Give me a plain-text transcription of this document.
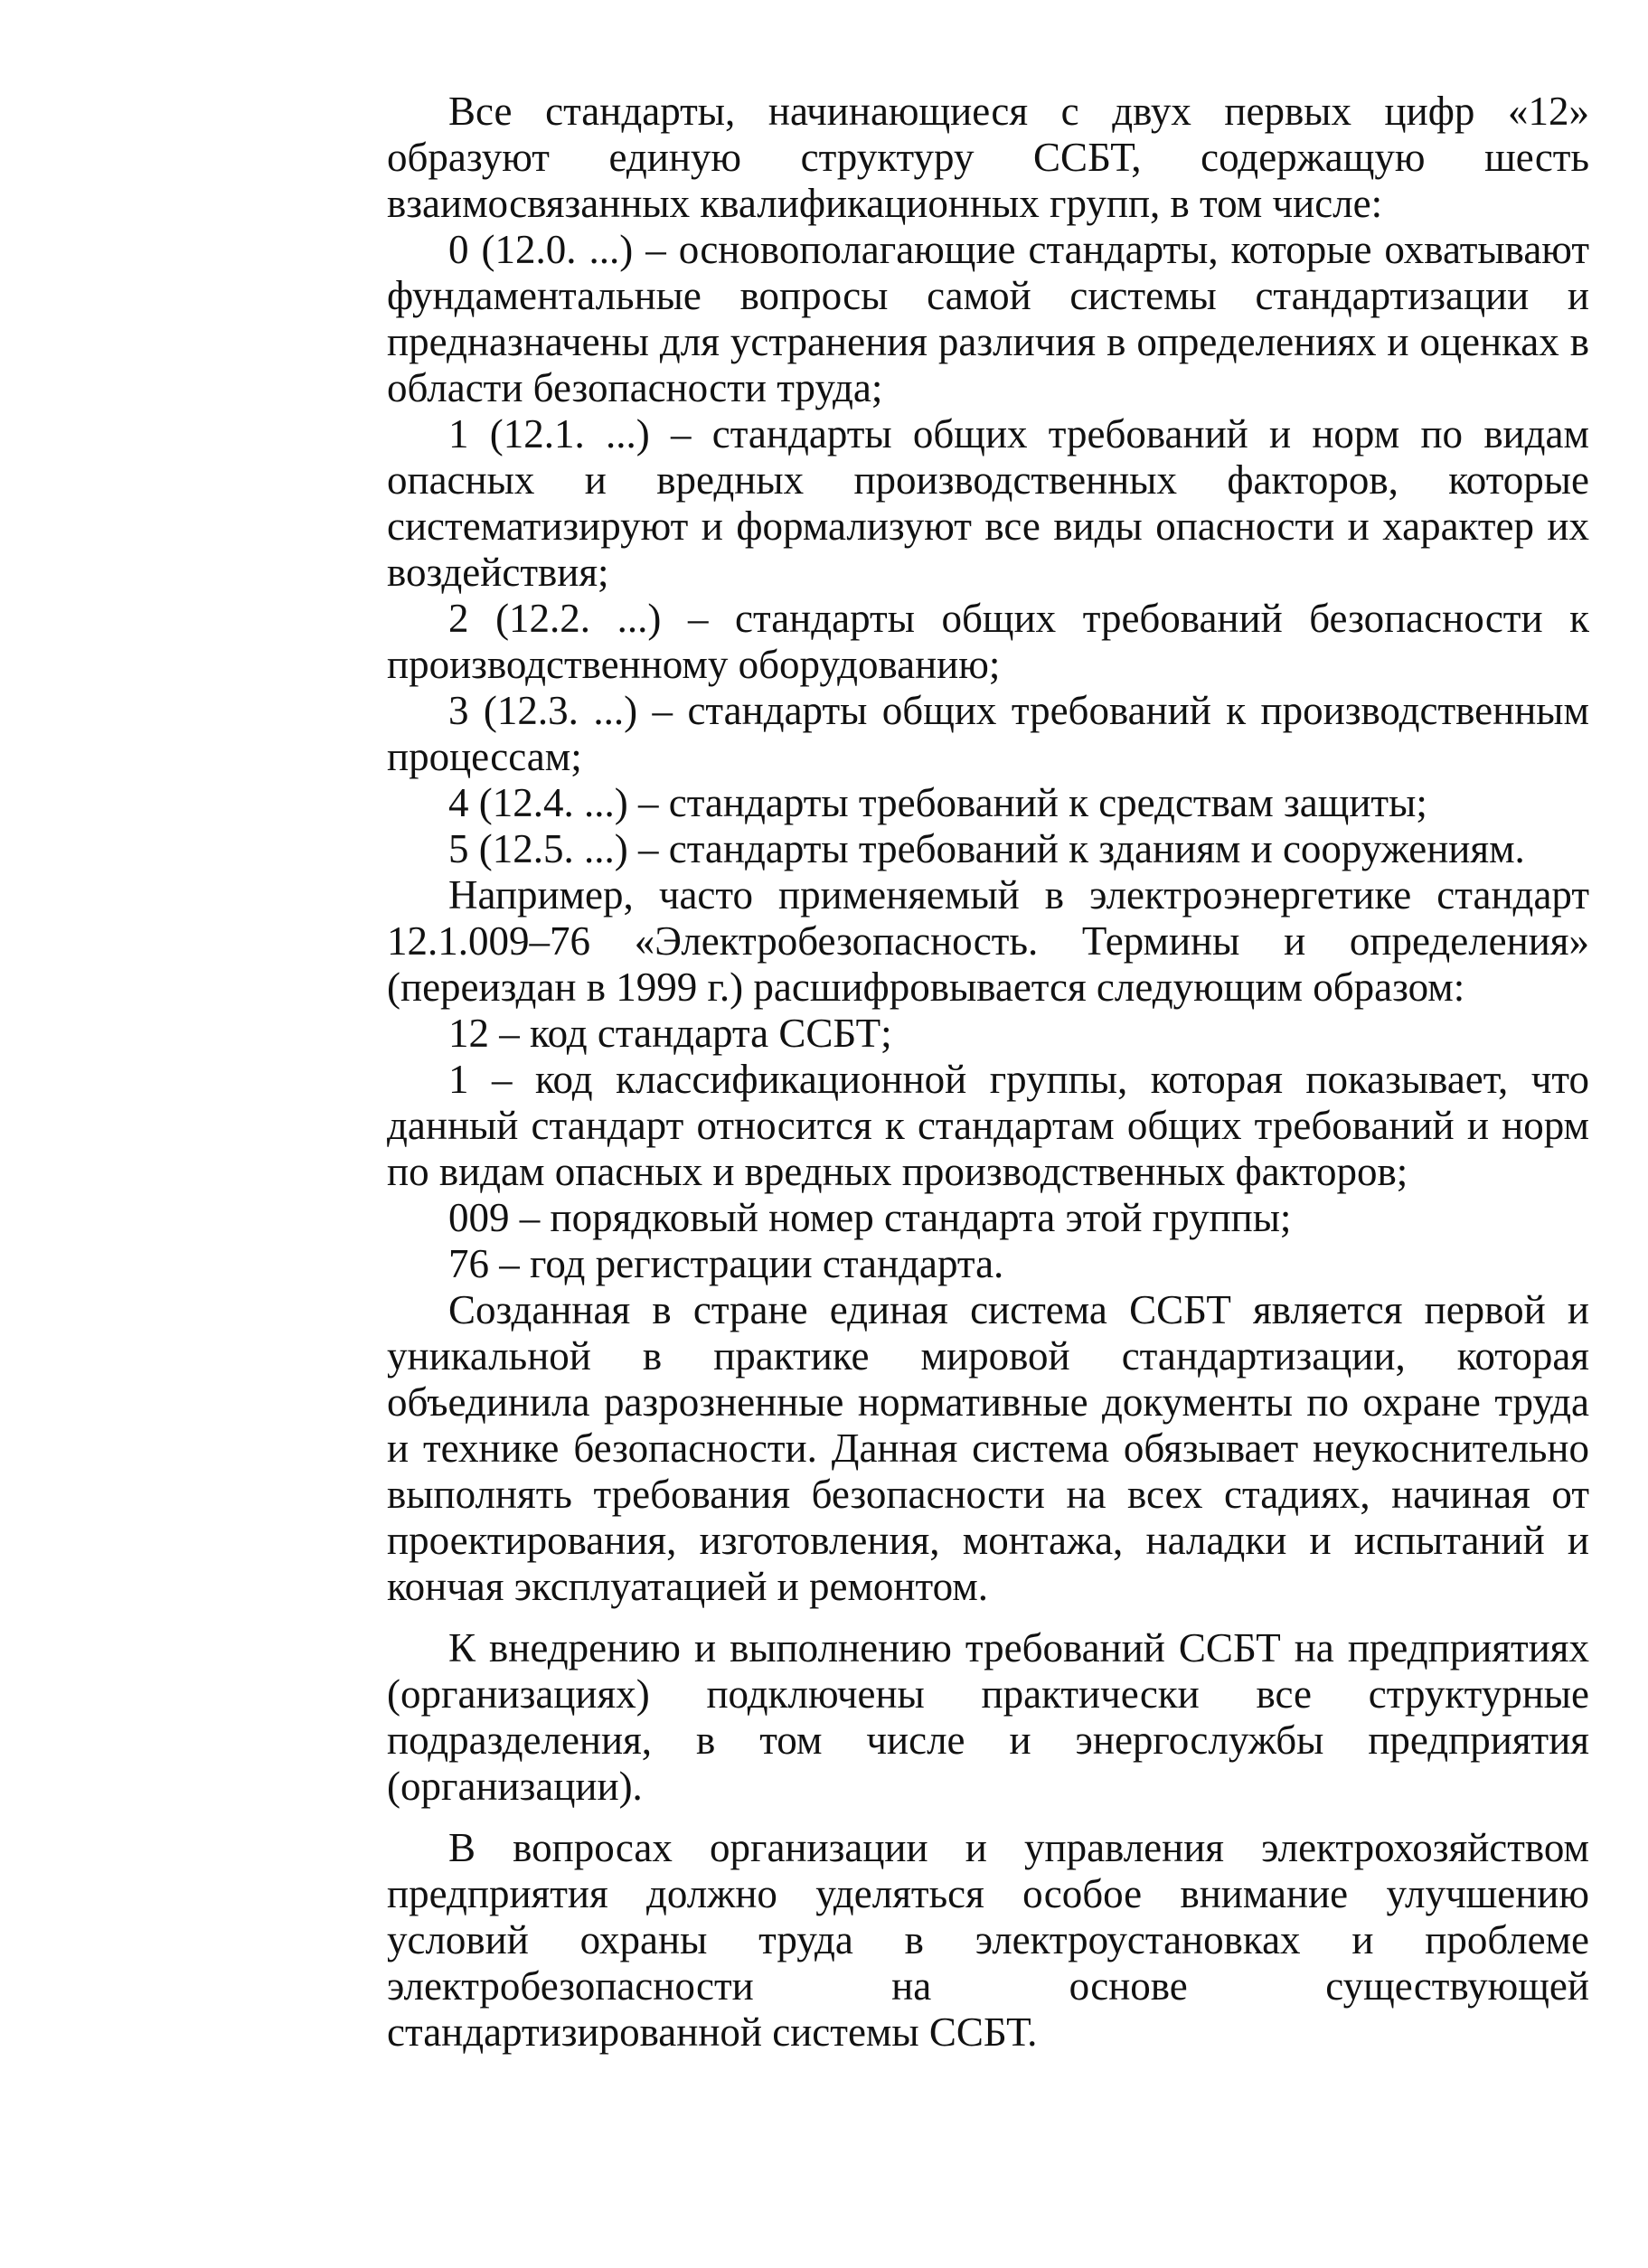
Все стандарты, начинающиеся с двух первых цифр «12» образуют единую структуру ССБТ, содержащую шесть взаимосвязанных квалификационных групп, в том числе:

0 (12.0. ...) – основополагающие стандарты, которые охватывают фундаментальные вопросы самой системы стандартизации и предназначены для устранения различия в определениях и оценках в области безопасности труда;

1 (12.1. ...) – стандарты общих требований и норм по видам опасных и вредных производственных факторов, которые систематизируют и формализуют все виды опасности и характер их воздействия;

2 (12.2. ...) – стандарты общих требований безопасности к производственному оборудованию;

3 (12.3. ...) – стандарты общих требований к производственным процессам;

4 (12.4. ...) – стандарты требований к средствам защиты;

5 (12.5. ...) – стандарты требований к зданиям и сооружениям.

Например, часто применяемый в электроэнергетике стандарт 12.1.009–76 «Электробезопасность. Термины и определения» (переиздан в 1999 г.) расшифровывается следующим образом:

12 – код стандарта ССБТ;

1 – код классификационной группы, которая показывает, что данный стандарт относится к стандартам общих требований и норм по видам опасных и вредных производственных факторов;

009 – порядковый номер стандарта этой группы;

76 – год регистрации стандарта.

Созданная в стране единая система ССБТ является первой и уникальной в практике мировой стандартизации, которая объединила разрозненные нормативные документы по охране труда и технике безопасности. Данная система обязывает неукоснительно выполнять требования безопасности на всех стадиях, начиная от проектирования, изготовления, монтажа, наладки и испытаний и кончая эксплуатацией и ремонтом.

К внедрению и выполнению требований ССБТ на предприятиях (организациях) подключены практически все структурные подразделения, в том числе и энергослужбы предприятия (организации).

В вопросах организации и управления электрохозяйством предприятия должно уделяться особое внимание улучшению условий охраны труда в электроустановках и проблеме электробезопасности на основе существующей стандартизированной системы ССБТ.
